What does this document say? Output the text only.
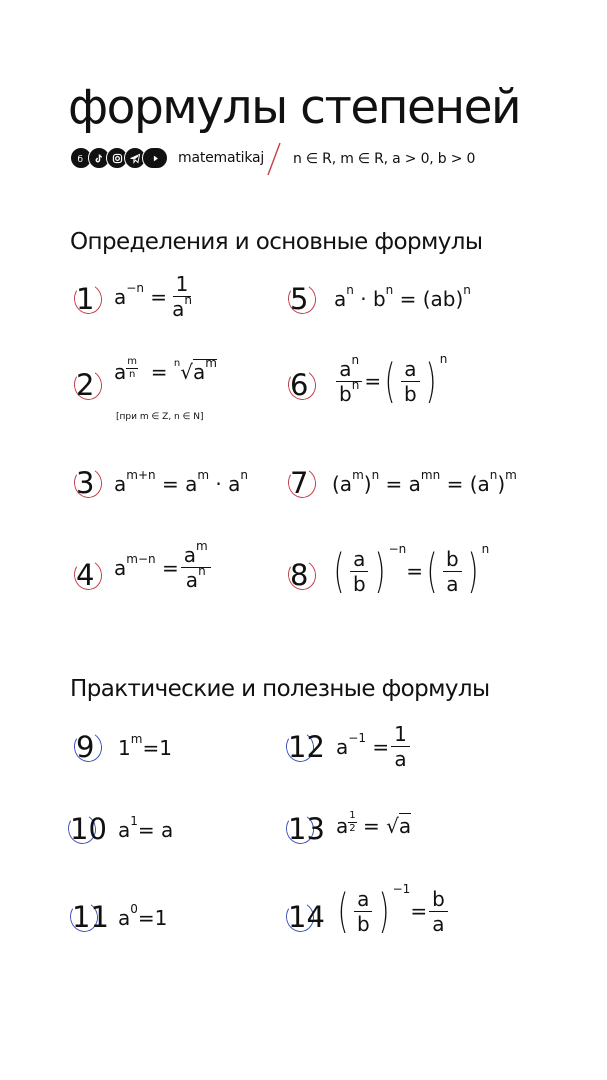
формулы степеней
б	matematikaj n ∈ R, m ∈ R, a > 0, b > 0
Определения и основные формулы
1
2
3
4
5
6
7
8
$a^{-n} = \frac{1}{a^n}$
a $^{\frac{m}{n}} = ^n√a^m$
[при m ∈ Z, n ∈ N]
$a^{m+n} = a^m \cdot a^n$
$a^{m-n} = \frac{a^m}{a^n}$
$a^n \cdot b^n = (ab)^n$
$\frac{a^n}{b^n}$ =( $\frac{a}{b}$ ) $^n$
$(a^m)^n = a^{mn} = (a^n)^m$
( $\frac{a}{b}$ ) $^{-n}=( \frac{b}{a}$ ) $^n$
Практические и полезные формулы
9
10
11
12
13
14
$1^m=1$
$a^1= a$
$a^0=1$
$a^{-1} = \frac{1}{a}$
a $^{\frac{1}{2}}$ = √a
( $\frac{a}{b}$ ) $^{-1}= \frac{b}{a}$
